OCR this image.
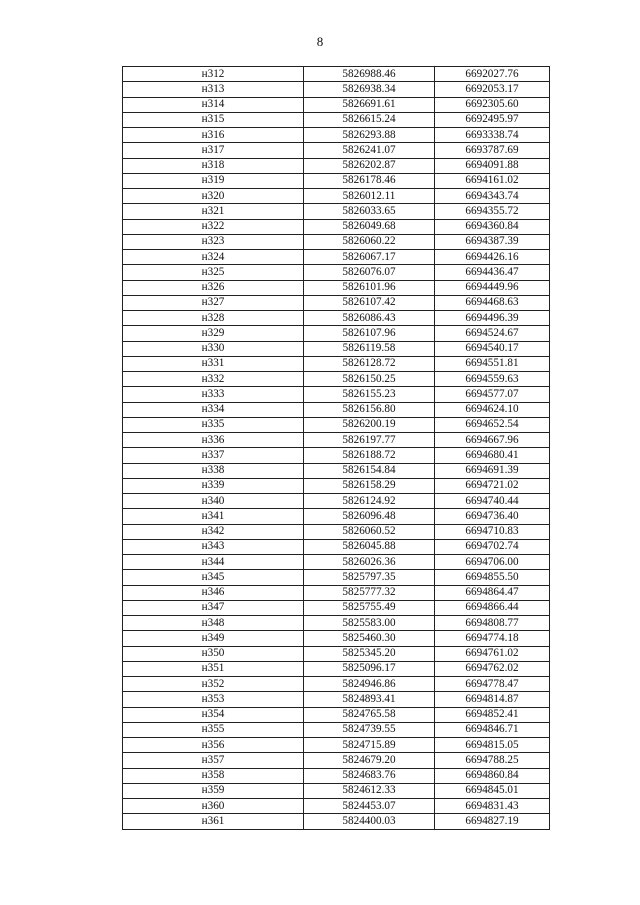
8
н312	5826988.46	6692027.76
н313	5826938.34	6692053.17
н314	5826691.61	6692305.60
н315	5826615.24	6692495.97
н316	5826293.88	6693338.74
н317	5826241.07	6693787.69
н318	5826202.87	6694091.88
н319	5826178.46	6694161.02
н320	5826012.11	6694343.74
н321	5826033.65	6694355.72
н322	5826049.68	6694360.84
н323	5826060.22	6694387.39
н324	5826067.17	6694426.16
н325	5826076.07	6694436.47
н326	5826101.96	6694449.96
н327	5826107.42	6694468.63
н328	5826086.43	6694496.39
н329	5826107.96	6694524.67
н330	5826119.58	6694540.17
н331	5826128.72	6694551.81
н332	5826150.25	6694559.63
н333	5826155.23	6694577.07
н334	5826156.80	6694624.10
н335	5826200.19	6694652.54
н336	5826197.77	6694667.96
н337	5826188.72	6694680.41
н338	5826154.84	6694691.39
н339	5826158.29	6694721.02
н340	5826124.92	6694740.44
н341	5826096.48	6694736.40
н342	5826060.52	6694710.83
н343	5826045.88	6694702.74
н344	5826026.36	6694706.00
н345	5825797.35	6694855.50
н346	5825777.32	6694864.47
н347	5825755.49	6694866.44
н348	5825583.00	6694808.77
н349	5825460.30	6694774.18
н350	5825345.20	6694761.02
н351	5825096.17	6694762.02
н352	5824946.86	6694778.47
н353	5824893.41	6694814.87
н354	5824765.58	6694852.41
н355	5824739.55	6694846.71
н356	5824715.89	6694815.05
н357	5824679.20	6694788.25
н358	5824683.76	6694860.84
н359	5824612.33	6694845.01
н360	5824453.07	6694831.43
н361	5824400.03	6694827.19
